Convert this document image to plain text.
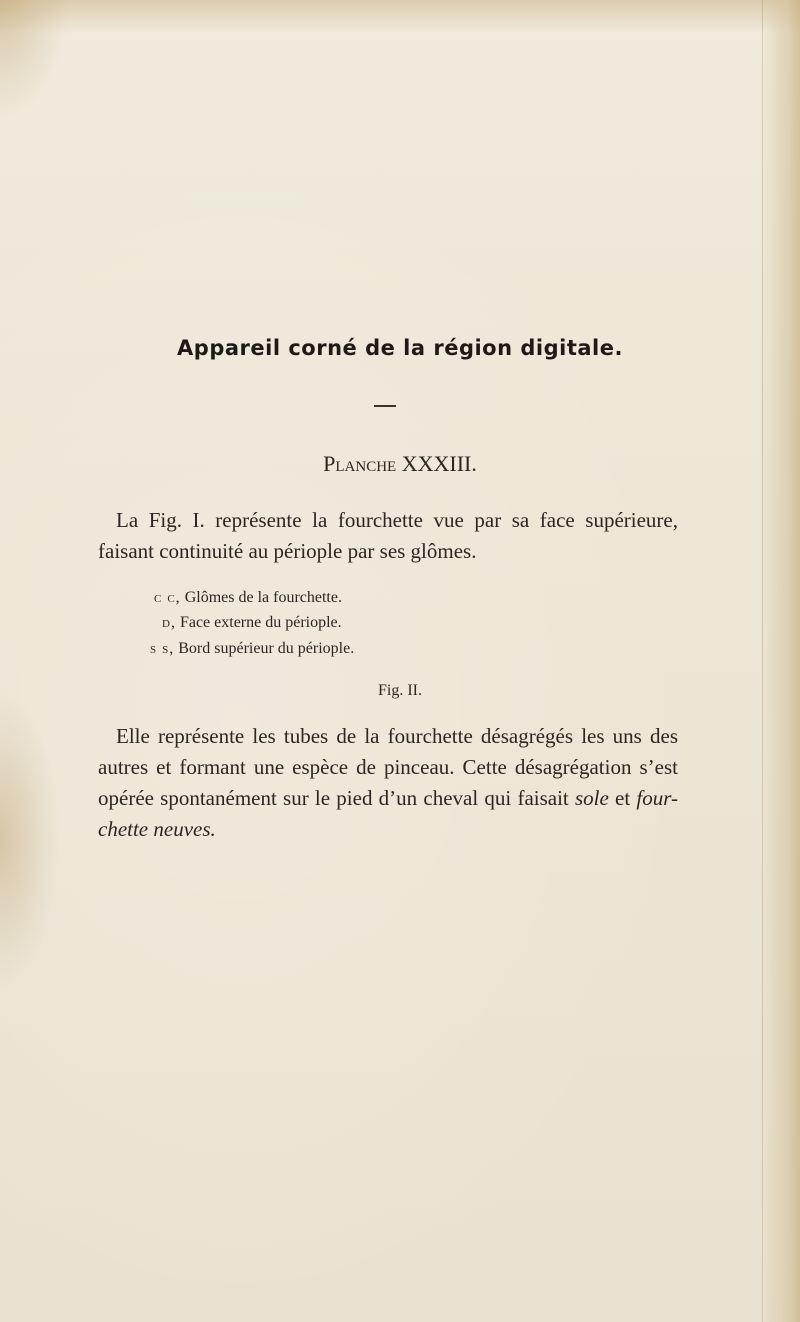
Appareil corné de la région digitale.
Planche XXXIII.
La Fig. I. représente la fourchette vue par sa face supérieure,
faisant continuité au périople par ses glômes.
c c, Glômes de la fourchette.
d, Face externe du périople.
s s, Bord supérieur du périople.
Fig. II.
Elle représente les tubes de la fourchette désagrégés les uns des
autres et formant une espèce de pinceau. Cette désagrégation s’est
opérée spontanément sur le pied d’un cheval qui faisait sole et four-
chette neuves.
